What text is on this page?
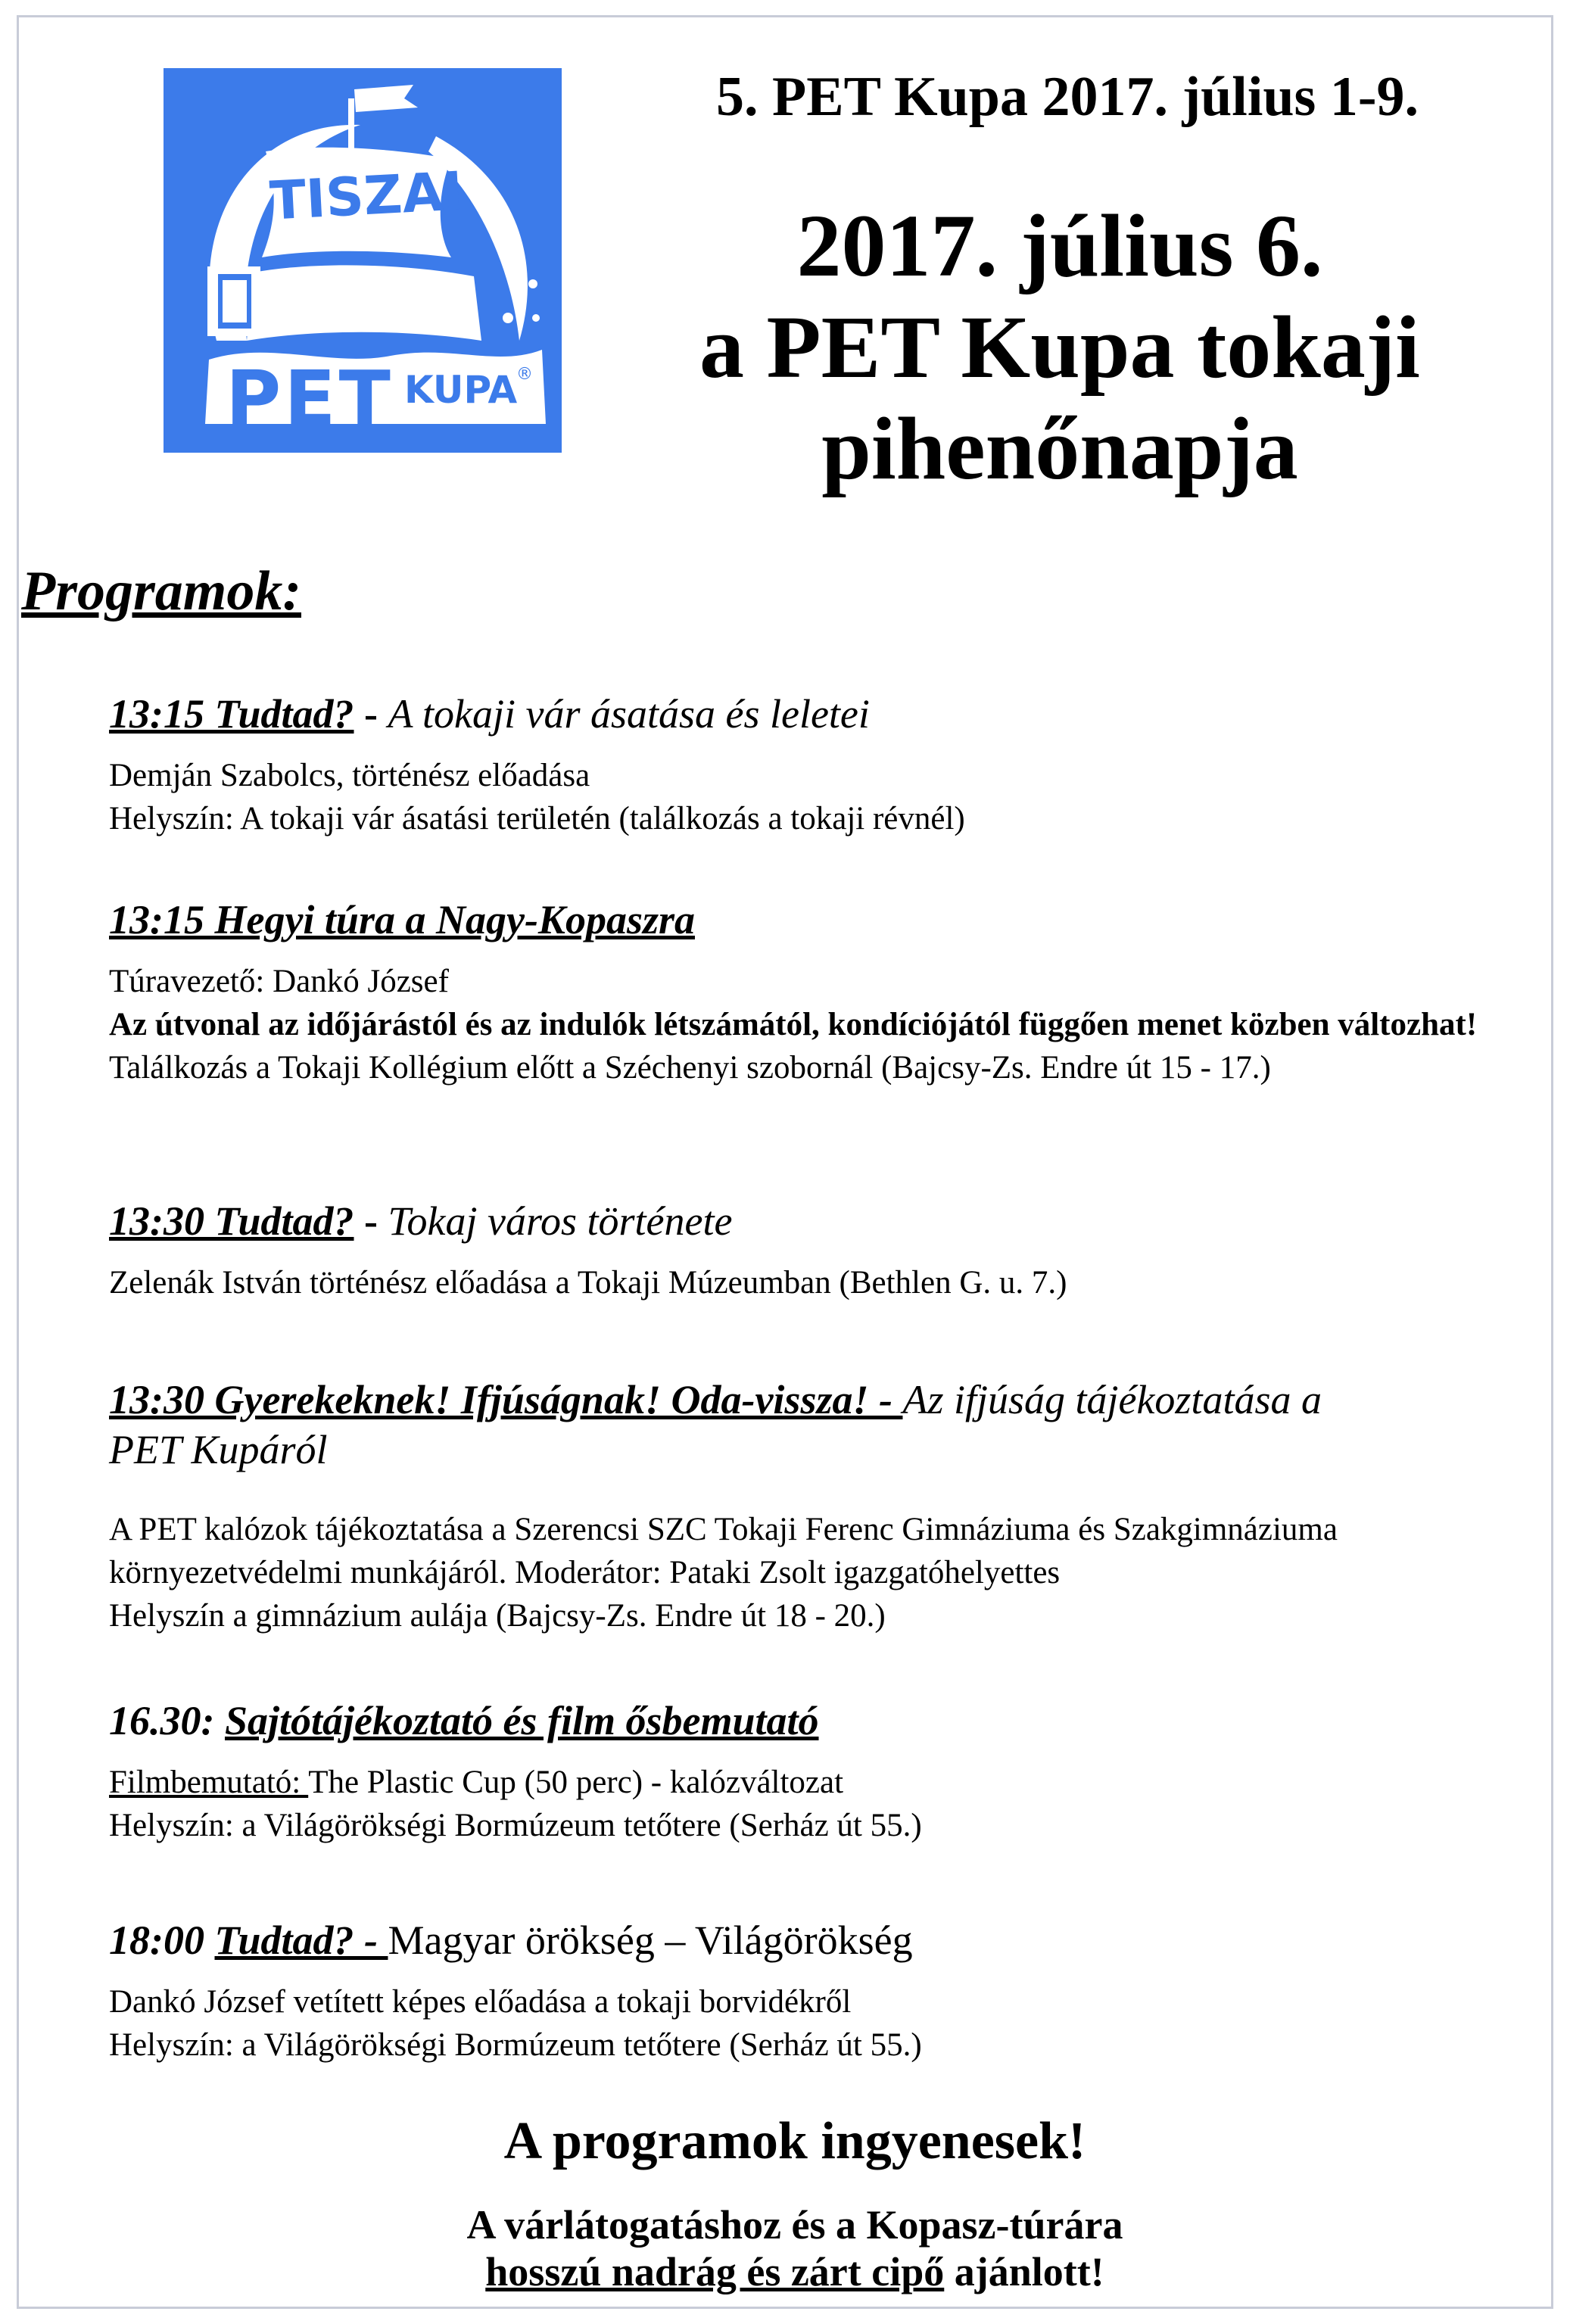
TISZAI
PET KUPA
®
5. PET Kupa 2017. július 1-9.
2017. július 6.
a PET Kupa tokaji
pihenőnapja
Programok:

13:15 Tudtad? - A tokaji vár ásatása és leletei

Demján Szabolcs, történész előadása
Helyszín: A tokaji vár ásatási területén (találkozás a tokaji révnél)

13:15 Hegyi túra a Nagy-Kopaszra

Túravezető: Dankó József
Az útvonal az időjárástól és az indulók létszámától, kondíciójától függően menet közben változhat!
Találkozás a Tokaji Kollégium előtt a Széchenyi szobornál (Bajcsy-Zs. Endre út 15 - 17.)

13:30 Tudtad? - Tokaj város története

Zelenák István történész előadása a Tokaji Múzeumban (Bethlen G. u. 7.)

13:30 Gyerekeknek! Ifjúságnak! Oda-vissza! - Az ifjúság tájékoztatása a
PET Kupáról

A PET kalózok tájékoztatása a Szerencsi SZC Tokaji Ferenc Gimnáziuma és Szakgimnáziuma
környezetvédelmi munkájáról. Moderátor: Pataki Zsolt igazgatóhelyettes
Helyszín a gimnázium aulája (Bajcsy-Zs. Endre út 18 - 20.)

16.30: Sajtótájékoztató és film ősbemutató

Filmbemutató: The Plastic Cup (50 perc) - kalózváltozat
Helyszín: a Világörökségi Bormúzeum tetőtere (Serház út 55.)

18:00 Tudtad? - Magyar örökség – Világörökség

Dankó József vetített képes előadása a tokaji borvidékről
Helyszín: a Világörökségi Bormúzeum tetőtere (Serház út 55.)
A programok ingyenesek!
A várlátogatáshoz és a Kopasz-túrára
hosszú nadrág és zárt cipő ajánlott!
